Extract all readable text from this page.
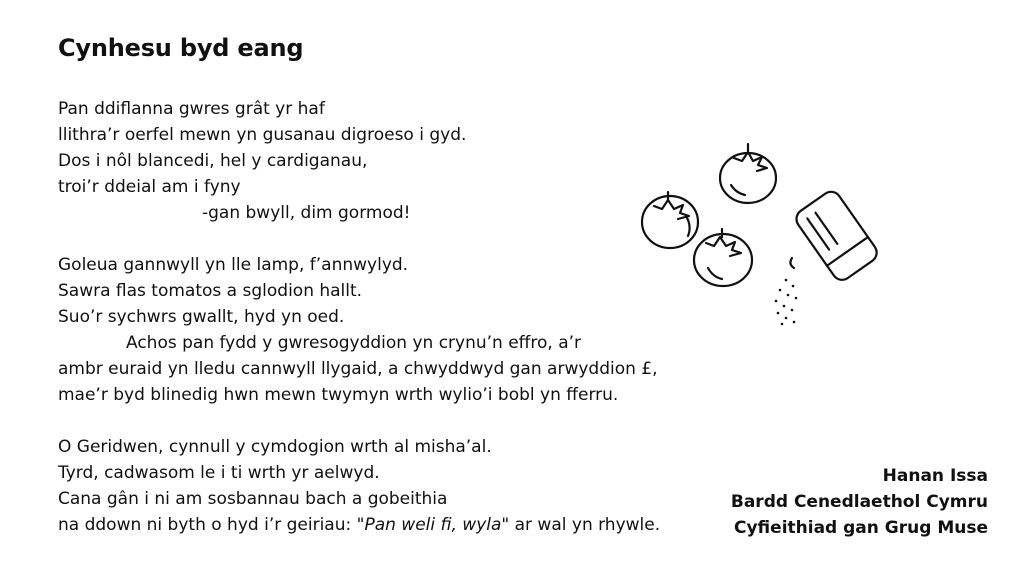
Cynhesu byd eang
Pan ddiflanna gwres grât yr haf
llithra’r oerfel mewn yn gusanau digroeso i gyd.
Dos i nôl blancedi, hel y cardiganau,
troi’r ddeial am i fyny
-gan bwyll, dim gormod!
Goleua gannwyll yn lle lamp, f’annwylyd.
Sawra flas tomatos a sglodion hallt.
Suo’r sychwrs gwallt, hyd yn oed.
Achos pan fydd y gwresogyddion yn crynu’n effro, a’r
ambr euraid yn lledu cannwyll llygaid, a chwyddwyd gan arwyddion £,
mae’r byd blinedig hwn mewn twymyn wrth wylio’i bobl yn fferru.
O Geridwen, cynnull y cymdogion wrth al misha’al.
Tyrd, cadwasom le i ti wrth yr aelwyd.
Cana gân i ni am sosbannau bach a gobeithia
na ddown ni byth o hyd i’r geiriau: "Pan weli fi, wyla" ar wal yn rhywle.
Hanan Issa
Bardd Cenedlaethol Cymru
Cyfieithiad gan Grug Muse
